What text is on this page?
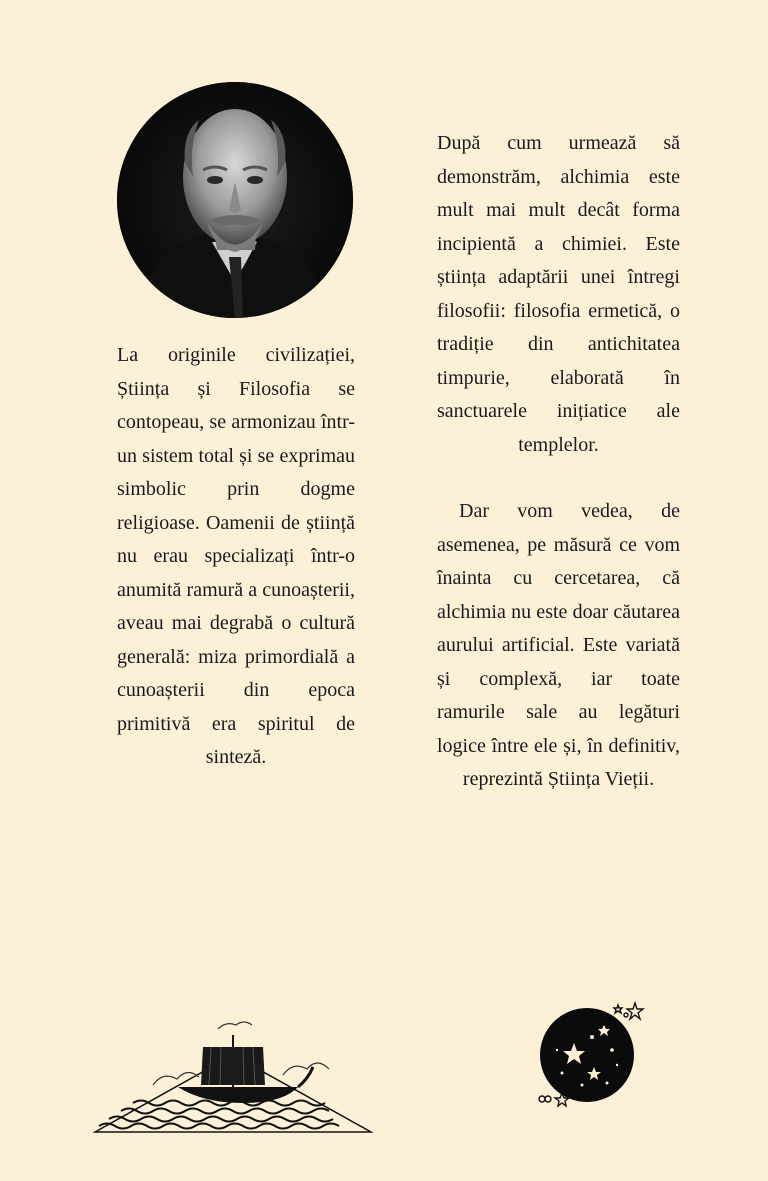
La originile civilizației, Știința și Filosofia se contopeau, se armonizau într-un sistem total și se exprimau simbolic prin dogme religioase. Oamenii de știință nu erau specializați într-o anumită ramură a cunoașterii, aveau mai degrabă o cultură generală: miza primordială a cunoașterii din epoca primitivă era spiritul de sinteză.

După cum urmează să demonstrăm, alchimia este mult mai mult decât forma incipientă a chimiei. Este știința adaptării unei întregi filosofii: filosofia ermetică, o tradiție din antichitatea timpurie, elaborată în sanctuarele inițiatice ale templelor.

Dar vom vedea, de asemenea, pe măsură ce vom înainta cu cercetarea, că alchimia nu este doar căutarea aurului artificial. Este variată și complexă, iar toate ramurile sale au legături logice între ele și, în definitiv, reprezintă Știința Vieții.
